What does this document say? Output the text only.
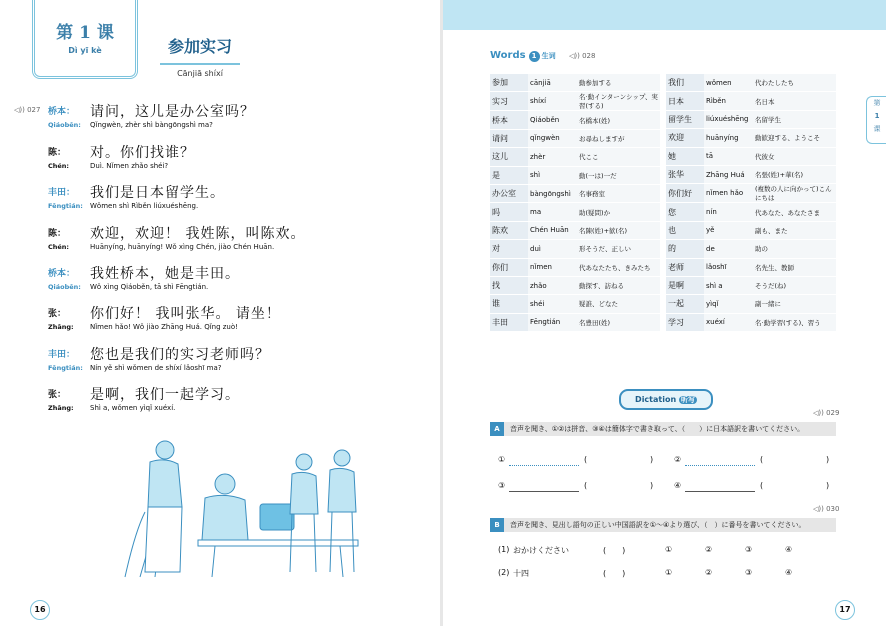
第 1 课
Dì yī kè	参加实习
Cānjiā shíxí
◁)) 027 桥本： 请问，这儿是办公室吗？
Qiáoběn: Qǐngwèn, zhèr shì bàngōngshì ma?
陈： 对。你们找谁？
Chén:	Duì. Nǐmen zhǎo shéi?
丰田： 我们是日本留学生。
Fēngtián: Wǒmen shì Rìběn liúxuéshēng.
陈： 欢迎，欢迎！ 我姓陈，叫陈欢。
Chén:	Huānyíng, huānyíng! Wǒ xìng Chén, jiào Chén Huān.
桥本： 我姓桥本，她是丰田。
Qiáoběn: Wǒ xìng Qiáoběn, tā shì Fēngtián.
张： 你们好！ 我叫张华。 请坐！
Zhāng: Nǐmen hǎo! Wǒ jiào Zhāng Huá. Qǐng zuò!
丰田： 您也是我们的实习老师吗？
Fēngtián: Nín yě shì wǒmen de shíxí lǎoshī ma?
张： 是啊，我们一起学习。
Zhāng: Shì a, wǒmen yìqǐ xuéxí.
16
Words 1 生词 ◁)) 028
参加	cānjiā	動参加する
实习	shíxí	名·動インターンシップ、実習(する)
桥本	Qiáoběn	名橋本(姓)
请问	qǐngwèn	お尋ねしますが
这儿	zhèr	代ここ
是	shì	動(一は)一だ
办公室	bàngōngshì	名事務室
吗	ma	助(疑問)か
陈欢	Chén Huān	名陳(姓)+歓(名)
对	duì	形そうだ、正しい
你们	nǐmen	代あなたたち、きみたち
找	zhǎo	動探す、訪ねる
谁	shéi	疑誰、どなた
丰田	Fēngtián	名豊田(姓)
我们	wǒmen	代わたしたち
日本	Rìběn	名日本
留学生	liúxuéshēng	名留学生
欢迎	huānyíng	動歓迎する、ようこそ
她	tā	代彼女
张华	Zhāng Huá	名張(姓)+華(名)
你们好	nǐmen hǎo	(複数の人に向かって)こんにちは
您	nín	代あなた、あなたさま
也	yě	副も、また
的	de	助の
老师	lǎoshī	名先生、教師
是啊	shì a	そうだ(ね)
一起	yìqǐ	副一緒に
学习	xuéxí	名·動学習(する)、習う
第
1
课
Dictation 听写
◁)) 029
A 音声を聞き、①②は拼音、③④は簡体字で書き取って、（　　）に日本語訳を書いてください。
①	(	)	②	(	)
③	(	)	④	(	)
◁)) 030
B 音声を聞き、見出し語句の正しい中国語訳を①〜④より選び、（　）に番号を書いてください。
(1) おかけください	(　　)	①	②	③	④
(2) 十四	(　　)	①	②	③	④
17
